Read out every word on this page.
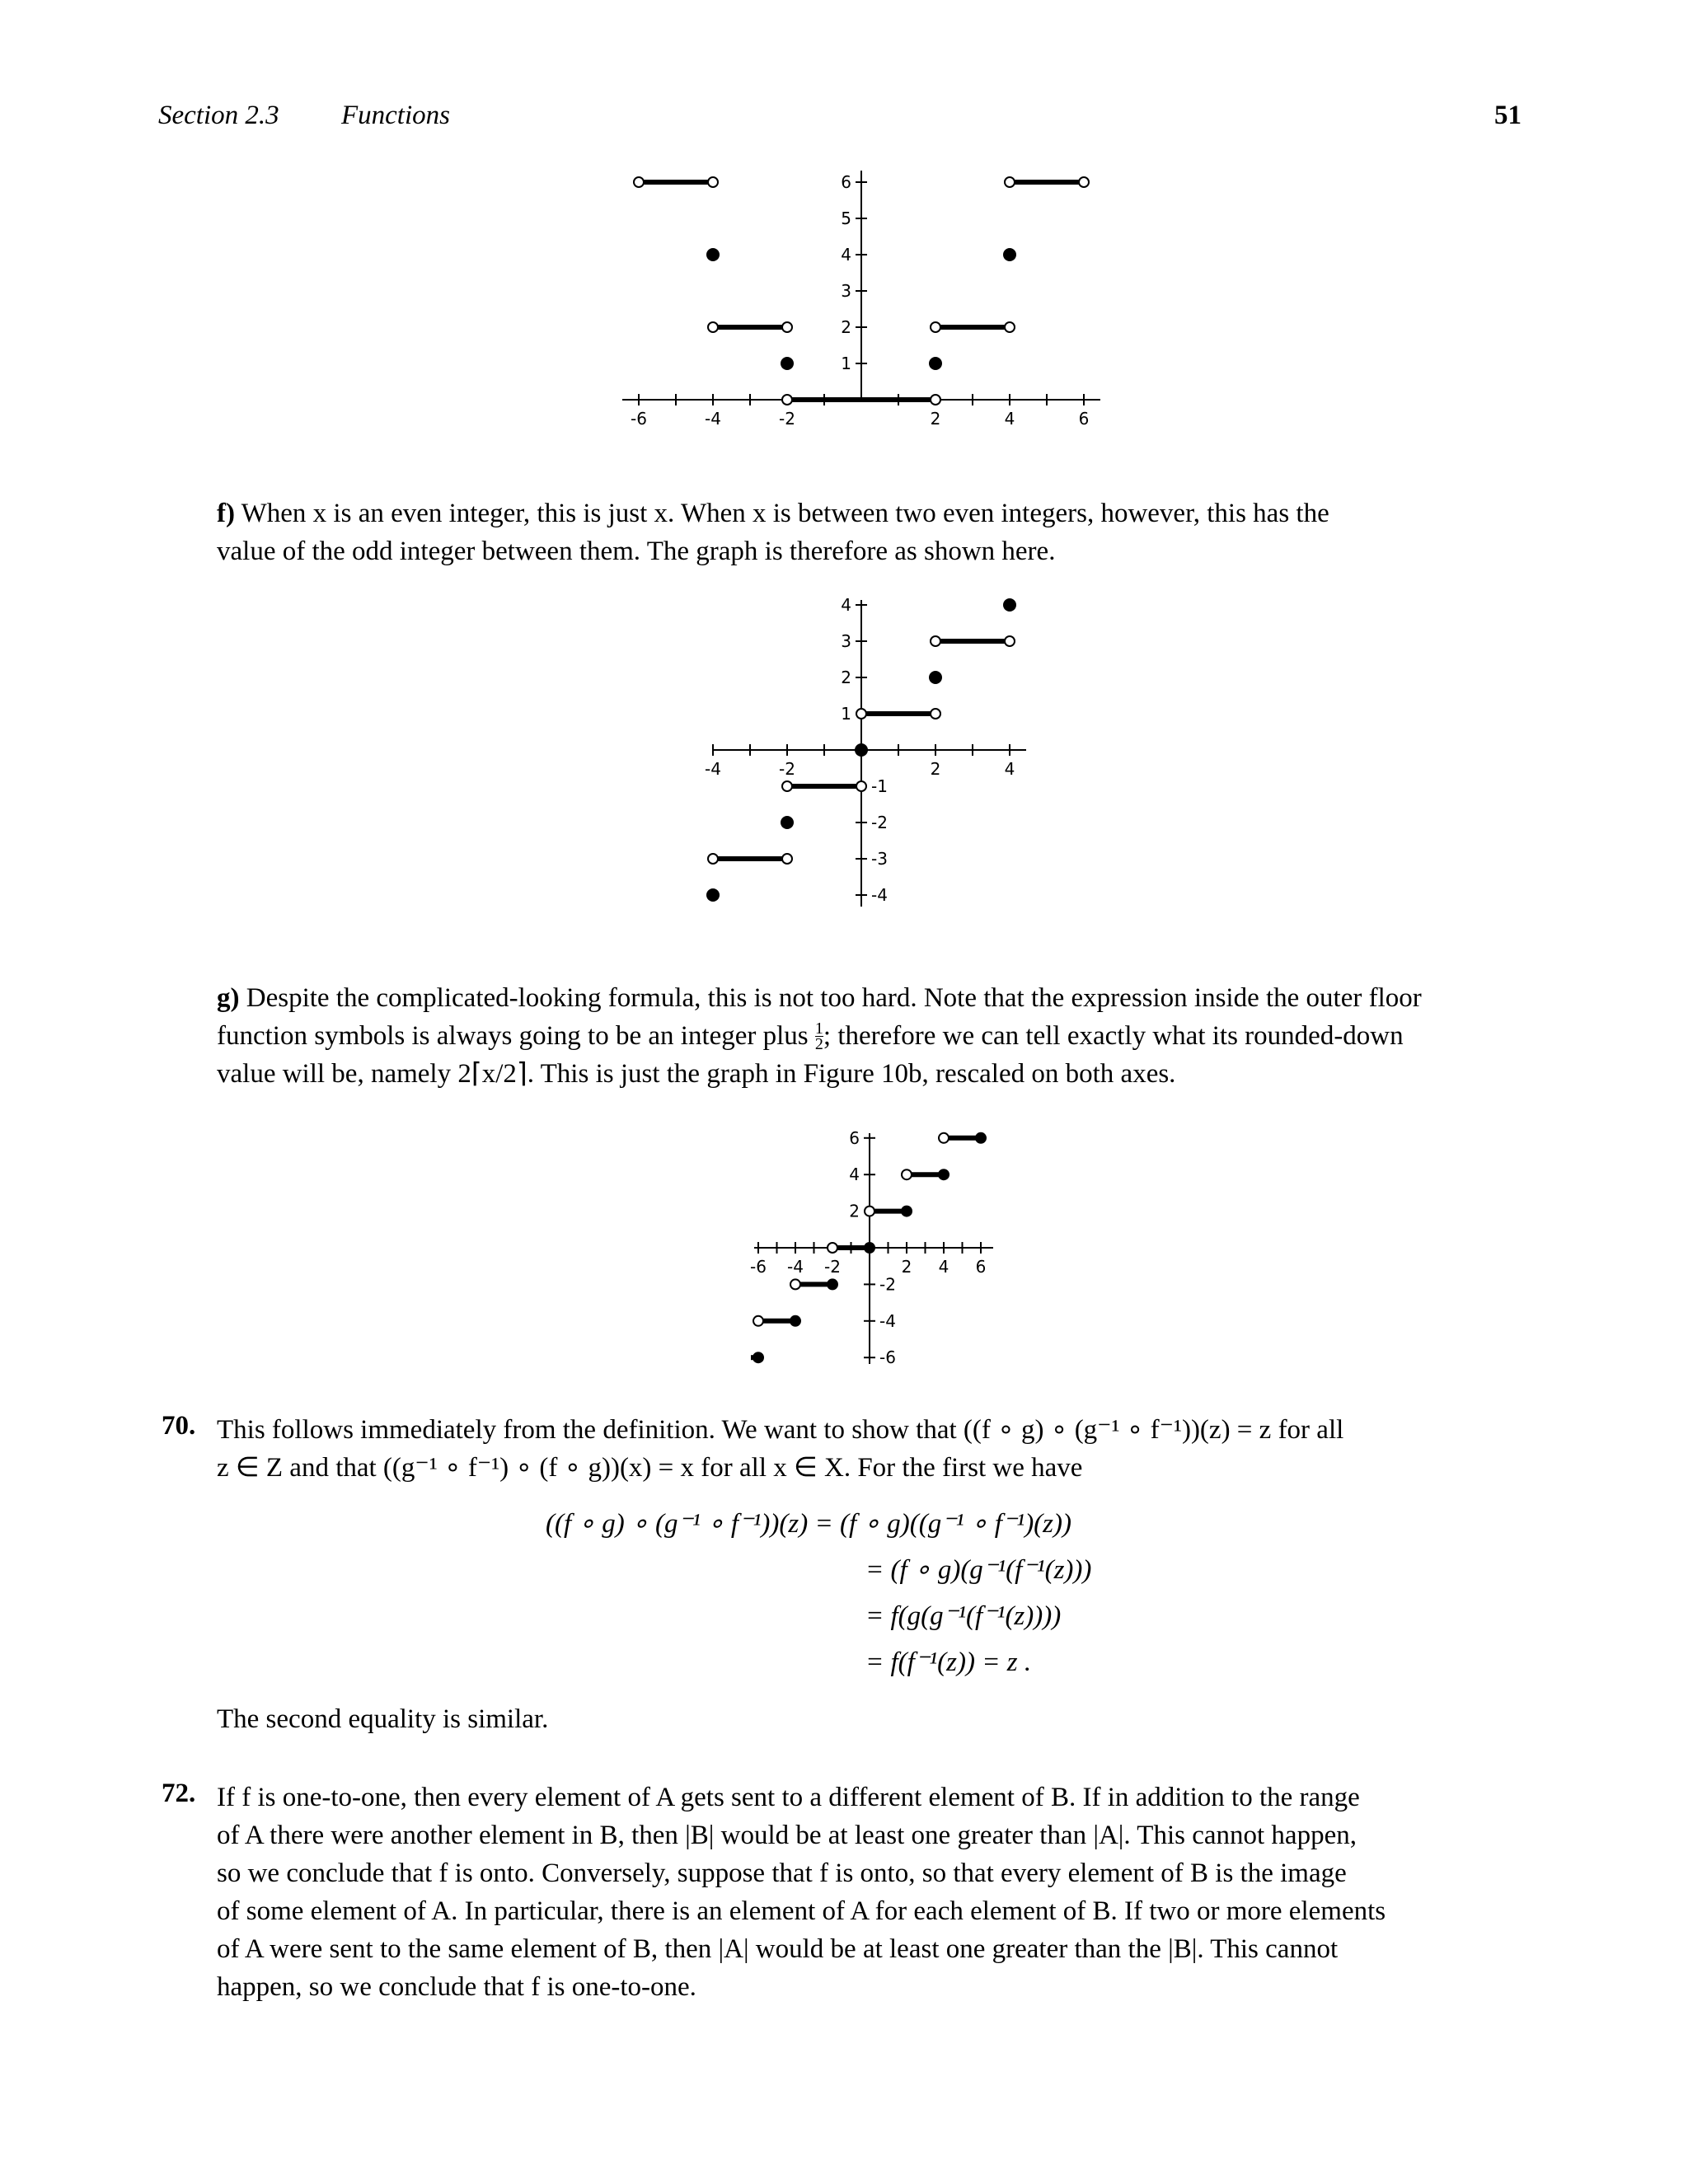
Section 2.3 Functions	51
-6	-4	-2	2	4	6
1
2
3
4
5
6
f) When x is an even integer, this is just x. When x is between two even integers, however, this has the
value of the odd integer between them. The graph is therefore as shown here.
-4	-2	2	4
4
3
2
1
-1
-2
-3
-4
g) Despite the complicated-looking formula, this is not too hard. Note that the expression inside the outer floor
function symbols is always going to be an integer plus $\frac{1}{2}$ ; therefore we can tell exactly what its rounded-down
value will be, namely 2⌈x/2⌉. This is just the graph in Figure 10b, rescaled on both axes.
-6 -4 -2	2 4 6
6
4
2
-2
-4
-6
70. This follows immediately from the definition. We want to show that ((f ∘ g) ∘ (g⁻¹ ∘ f⁻¹))(z) = z for all
z ∈ Z and that ((g⁻¹ ∘ f⁻¹) ∘ (f ∘ g))(x) = x for all x ∈ X. For the first we have
((f ∘ g) ∘ (g⁻¹ ∘ f⁻¹))(z) = (f ∘ g)((g⁻¹ ∘ f⁻¹)(z))
= (f ∘ g)(g⁻¹(f⁻¹(z)))
= f(g(g⁻¹(f⁻¹(z))))
= f(f⁻¹(z)) = z .
The second equality is similar.
72. If f is one-to-one, then every element of A gets sent to a different element of B. If in addition to the range
of A there were another element in B, then |B| would be at least one greater than |A|. This cannot happen,
so we conclude that f is onto. Conversely, suppose that f is onto, so that every element of B is the image
of some element of A. In particular, there is an element of A for each element of B. If two or more elements
of A were sent to the same element of B, then |A| would be at least one greater than the |B|. This cannot
happen, so we conclude that f is one-to-one.
